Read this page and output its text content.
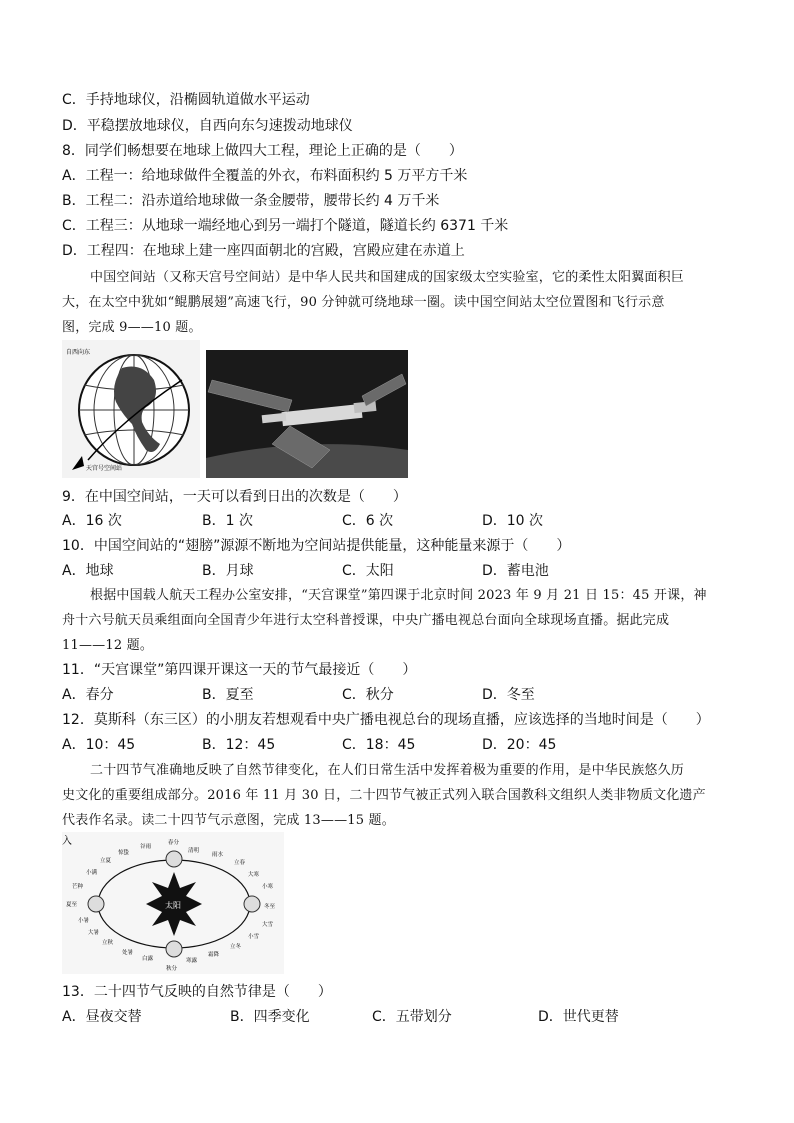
C．手持地球仪，沿椭圆轨道做水平运动
D．平稳摆放地球仪，自西向东匀速拨动地球仪
8．同学们畅想要在地球上做四大工程，理论上正确的是（　　）
A．工程一：给地球做件全覆盖的外衣，布料面积约 5 万平方千米
B．工程二：沿赤道给地球做一条金腰带，腰带长约 4 万千米
C．工程三：从地球一端经地心到另一端打个隧道，隧道长约 6371 千米
D．工程四：在地球上建一座四面朝北的宫殿，宫殿应建在赤道上
中国空间站（又称天宫号空间站）是中华人民共和国建成的国家级太空实验室，它的柔性太阳翼面积巨
大，在太空中犹如“鲲鹏展翅”高速飞行，90 分钟就可绕地球一圈。读中国空间站太空位置图和飞行示意
图，完成 9——10 题。
自西向东
天宫号空间站
9．在中国空间站，一天可以看到日出的次数是（　　）
A．16 次	B．1 次	C．6 次	D．10 次
10．中国空间站的“翅膀”源源不断地为空间站提供能量，这种能量来源于（　　）
A．地球	B．月球	C．太阳	D．蓄电池
根据中国载人航天工程办公室安排，“天宫课堂”第四课于北京时间 2023 年 9 月 21 日 15：45 开课，神
舟十六号航天员乘组面向全国青少年进行太空科普授课，中央广播电视总台面向全球现场直播。据此完成
11——12 题。
11．“天宫课堂”第四课开课这一天的节气最接近（　　）
A．春分	B．夏至	C．秋分	D．冬至
12．莫斯科（东三区）的小朋友若想观看中央广播电视总台的现场直播，应该选择的当地时间是（　　）
A．10：45	B．12：45	C．18：45	D．20：45
二十四节气准确地反映了自然节律变化，在人们日常生活中发挥着极为重要的作用，是中华民族悠久历
史文化的重要组成部分。2016 年 11 月 30 日，二十四节气被正式列入联合国教科文组织人类非物质文化遗产
代表作名录。读二十四节气示意图，完成 13——15 题。
入
太阳
春分
清明
谷雨
雨水
惊蛰
立春
大寒
小寒
冬至
大雪
小雪
立冬
霜降
寒露
秋分
白露
处暑
立秋
大暑
小暑
夏至
芒种
小满
立夏
13．二十四节气反映的自然节律是（　　）
A．昼夜交替	B．四季变化	C．五带划分	D．世代更替
